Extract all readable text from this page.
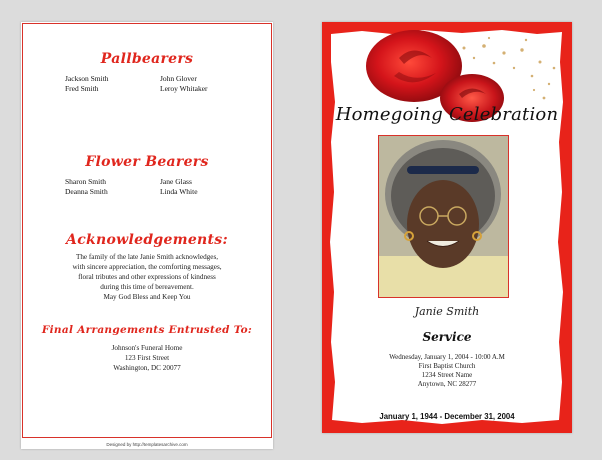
Pallbearers
Jackson Smith	John Glover
Fred Smith	Leroy Whitaker
Flower Bearers
Sharon Smith	Jane Glass
Deanna Smith	Linda White
Acknowledgements:
The family of the late Janie Smith acknowledges,
with sincere appreciation, the comforting messages,
floral tributes and other expressions of kindness
during this time of bereavement.
May God Bless and Keep You
Final Arrangements Entrusted To:
Johnson's Funeral Home
123 First Street
Washington, DC 20077
Designed by http://templatesarchive.com
Homegoing Celebration
Janie Smith
Service
Wednesday, January 1, 2004 - 10:00 A.M
First Baptist Church
1234 Street Name
Anytown, NC 28277
January 1, 1944 - December 31, 2004
